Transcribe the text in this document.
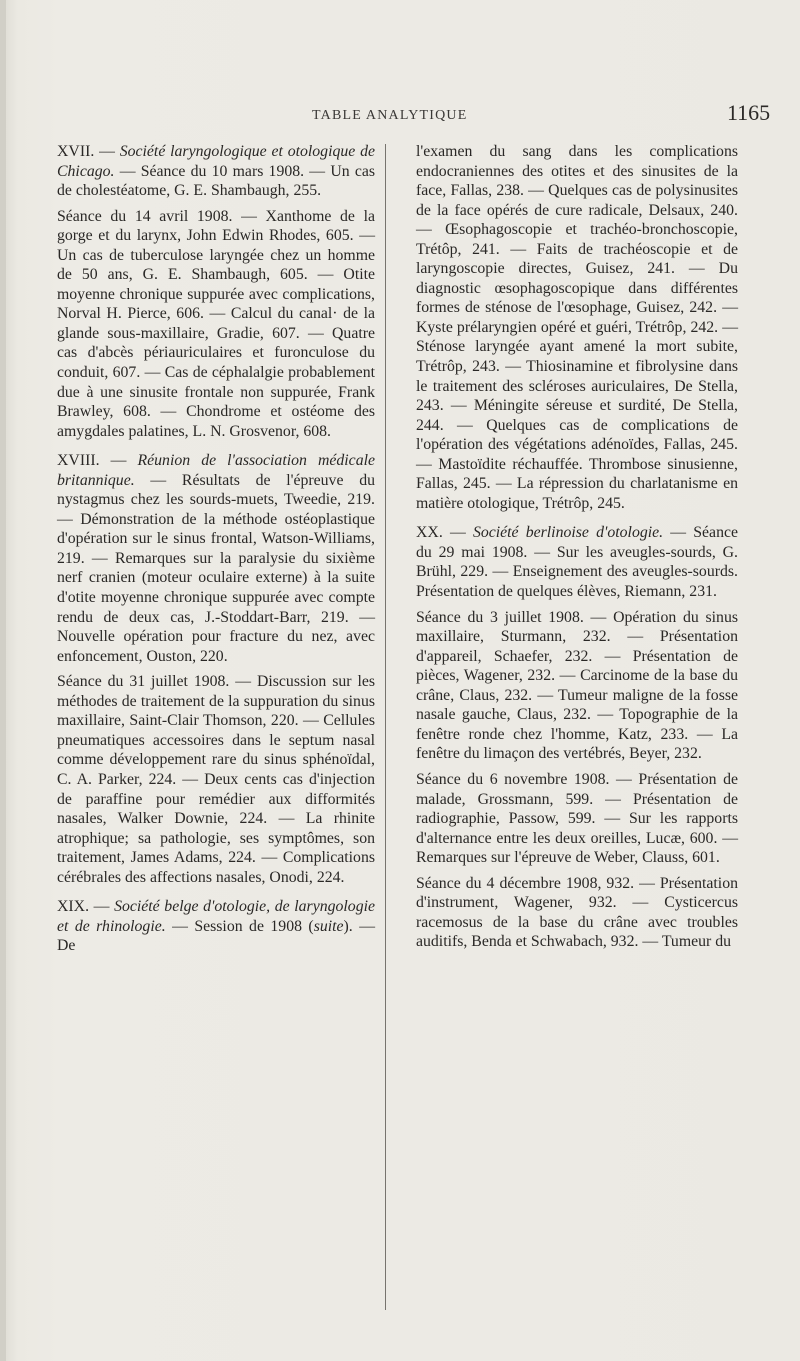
TABLE ANALYTIQUE	1165

XVII. — Société laryngologique et otologique de Chicago. — Séance du 10 mars 1908. — Un cas de cholestéatome, G. E. Shambaugh, 255.

Séance du 14 avril 1908. — Xanthome de la gorge et du larynx, John Edwin Rhodes, 605. — Un cas de tuberculose laryngée chez un homme de 50 ans, G. E. Shambaugh, 605. — Otite moyenne chronique suppurée avec complications, Norval H. Pierce, 606. — Calcul du canal· de la glande sous-maxillaire, Gradie, 607. — Quatre cas d'abcès périauriculaires et furonculose du conduit, 607. — Cas de céphalalgie probablement due à une sinusite frontale non suppurée, Frank Brawley, 608. — Chondrome et ostéome des amygdales palatines, L. N. Grosvenor, 608.

XVIII. — Réunion de l'association médicale britannique. — Résultats de l'épreuve du nystagmus chez les sourds-muets, Tweedie, 219. — Démonstration de la méthode ostéoplastique d'opération sur le sinus frontal, Watson-Williams, 219. — Remarques sur la paralysie du sixième nerf cranien (moteur oculaire externe) à la suite d'otite moyenne chronique suppurée avec compte rendu de deux cas, J.-Stoddart-Barr, 219. — Nouvelle opération pour fracture du nez, avec enfoncement, Ouston, 220.

Séance du 31 juillet 1908. — Discussion sur les méthodes de traitement de la suppuration du sinus maxillaire, Saint-Clair Thomson, 220. — Cellules pneumatiques accessoires dans le septum nasal comme développement rare du sinus sphénoïdal, C. A. Parker, 224. — Deux cents cas d'injection de paraffine pour remédier aux difformités nasales, Walker Downie, 224. — La rhinite atrophique; sa pathologie, ses symptômes, son traitement, James Adams, 224. — Complications cérébrales des affections nasales, Onodi, 224.

XIX. — Société belge d'otologie, de laryngologie et de rhinologie. — Session de 1908 (suite). — De

l'examen du sang dans les complications endocraniennes des otites et des sinusites de la face, Fallas, 238. — Quelques cas de polysinusites de la face opérés de cure radicale, Delsaux, 240. — Œsophagoscopie et trachéo-bronchoscopie, Trétôp, 241. — Faits de trachéoscopie et de laryngoscopie directes, Guisez, 241. — Du diagnostic œsophagoscopique dans différentes formes de sténose de l'œsophage, Guisez, 242. — Kyste prélaryngien opéré et guéri, Trétrôp, 242. — Sténose laryngée ayant amené la mort subite, Trétrôp, 243. — Thiosinamine et fibrolysine dans le traitement des scléroses auriculaires, De Stella, 243. — Méningite séreuse et surdité, De Stella, 244. — Quelques cas de complications de l'opération des végétations adénoïdes, Fallas, 245. — Mastoïdite réchauffée. Thrombose sinusienne, Fallas, 245. — La répression du charlatanisme en matière otologique, Trétrôp, 245.

XX. — Société berlinoise d'otologie. — Séance du 29 mai 1908. — Sur les aveugles-sourds, G. Brühl, 229. — Enseignement des aveugles-sourds. Présentation de quelques élèves, Riemann, 231.

Séance du 3 juillet 1908. — Opération du sinus maxillaire, Sturmann, 232. — Présentation d'appareil, Schaefer, 232. — Présentation de pièces, Wagener, 232. — Carcinome de la base du crâne, Claus, 232. — Tumeur maligne de la fosse nasale gauche, Claus, 232. — Topographie de la fenêtre ronde chez l'homme, Katz, 233. — La fenêtre du limaçon des vertébrés, Beyer, 232.

Séance du 6 novembre 1908. — Présentation de malade, Grossmann, 599. — Présentation de radiographie, Passow, 599. — Sur les rapports d'alternance entre les deux oreilles, Lucæ, 600. — Remarques sur l'épreuve de Weber, Clauss, 601.

Séance du 4 décembre 1908, 932. — Présentation d'instrument, Wagener, 932. — Cysticercus racemosus de la base du crâne avec troubles auditifs, Benda et Schwabach, 932. — Tumeur du
